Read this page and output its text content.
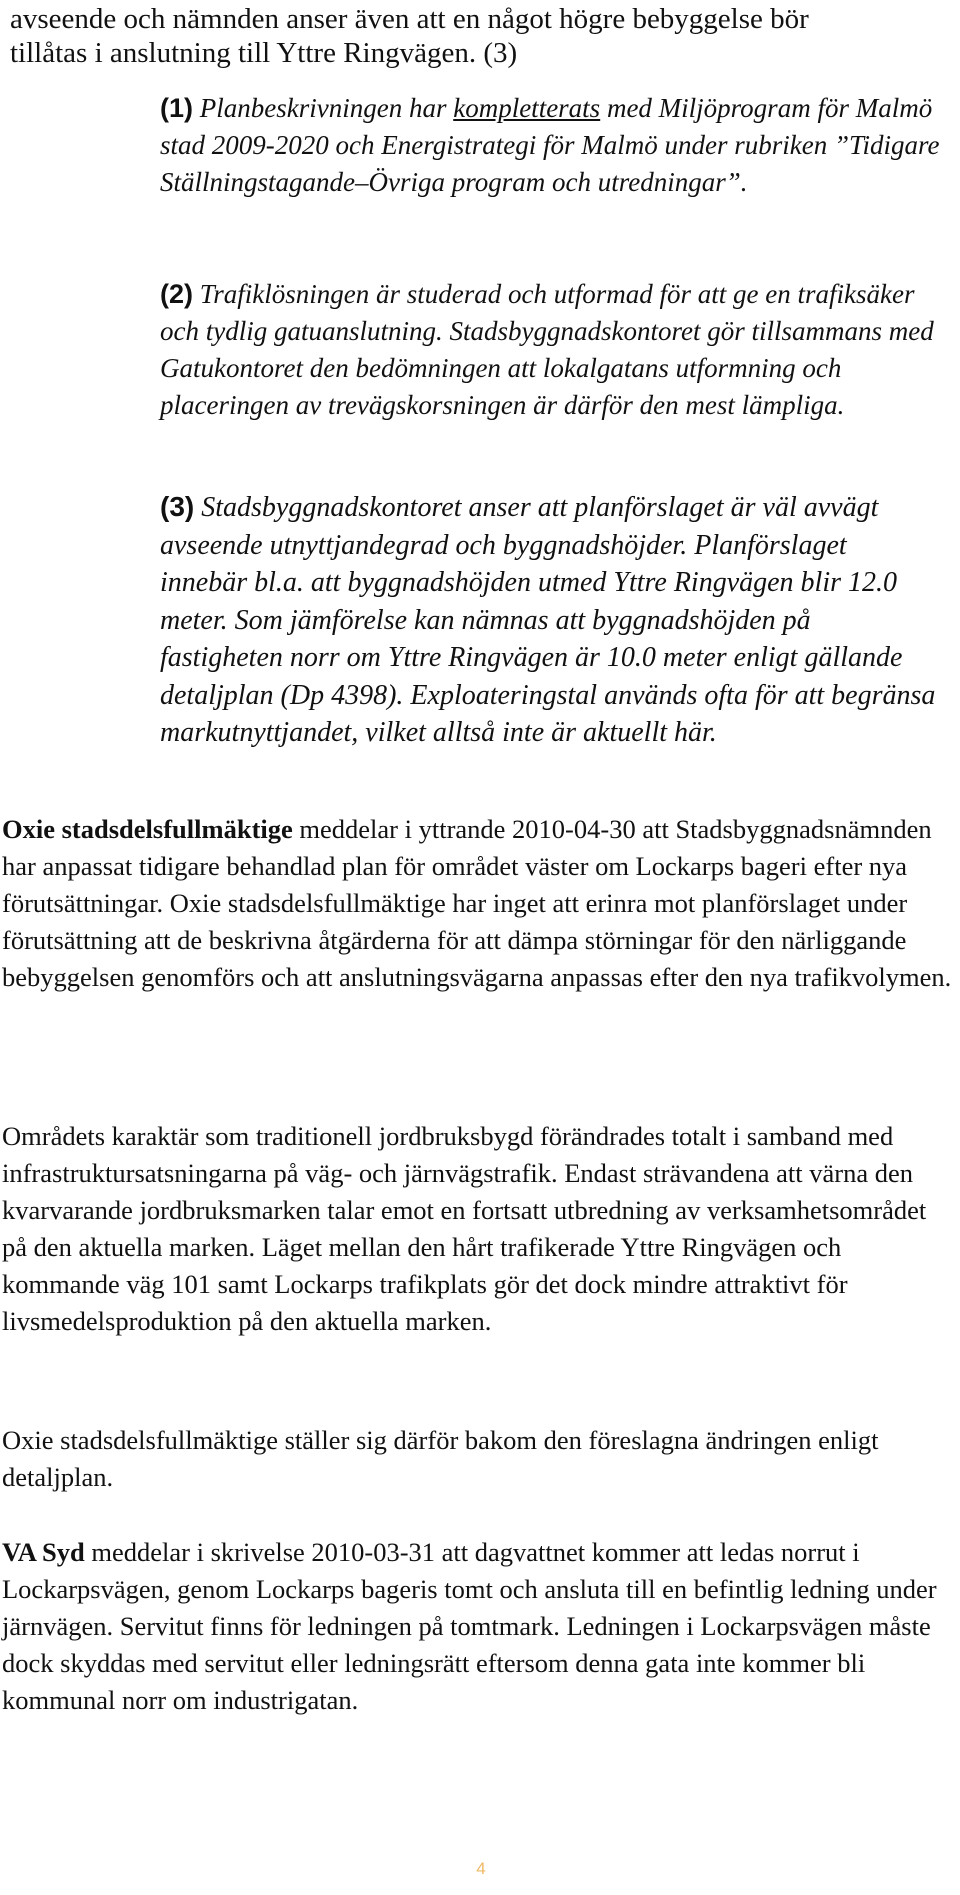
avseende och nämnden anser även att en något högre bebyggelse bör
tillåtas i anslutning till Yttre Ringvägen. (3)

(1) Planbeskrivningen har kompletterats med Miljöprogram för Malmö stad 2009-2020 och Energistrategi för Malmö under rubriken ”Tidigare Ställningstagande–Övriga program och utredningar”.

(2) Trafiklösningen är studerad och utformad för att ge en trafiksäker och tydlig gatuanslutning. Stadsbyggnadskontoret gör tillsammans med Gatukontoret den bedömningen att lokalgatans utformning och placeringen av trevägskorsningen är därför den mest lämpliga.

(3) Stadsbyggnadskontoret anser att planförslaget är väl avvägt avseende utnyttjandegrad och byggnadshöjder. Planförslaget innebär bl.a. att byggnadshöjden utmed Yttre Ringvägen blir 12.0 meter. Som jämförelse kan nämnas att byggnadshöjden på fastigheten norr om Yttre Ringvägen är 10.0 meter enligt gällande detaljplan (Dp 4398). Exploateringstal används ofta för att begränsa markutnyttjandet, vilket alltså inte är aktuellt här.

Oxie stadsdelsfullmäktige meddelar i yttrande 2010-04-30 att Stadsbyggnadsnämnden har anpassat tidigare behandlad plan för området väster om Lockarps bageri efter nya förutsättningar. Oxie stadsdelsfullmäktige har inget att erinra mot planförslaget under förutsättning att de beskrivna åtgärderna för att dämpa störningar för den närliggande bebyggelsen genomförs och att anslutningsvägarna anpassas efter den nya trafikvolymen.

Områdets karaktär som traditionell jordbruksbygd förändrades totalt i samband med infrastruktursatsningarna på väg- och järnvägstrafik. Endast strävandena att värna den kvarvarande jordbruksmarken talar emot en fortsatt utbredning av verksamhetsområdet på den aktuella marken. Läget mellan den hårt trafikerade Yttre Ringvägen och kommande väg 101 samt Lockarps trafikplats gör det dock mindre attraktivt för livsmedelsproduktion på den aktuella marken.

Oxie stadsdelsfullmäktige ställer sig därför bakom den föreslagna ändringen enligt detaljplan.

VA Syd meddelar i skrivelse 2010-03-31 att dagvattnet kommer att ledas norrut i Lockarpsvägen, genom Lockarps bageris tomt och ansluta till en befintlig ledning under järnvägen. Servitut finns för ledningen på tomtmark. Ledningen i Lockarpsvägen måste dock skyddas med servitut eller ledningsrätt eftersom denna gata inte kommer bli kommunal norr om industrigatan.

4
